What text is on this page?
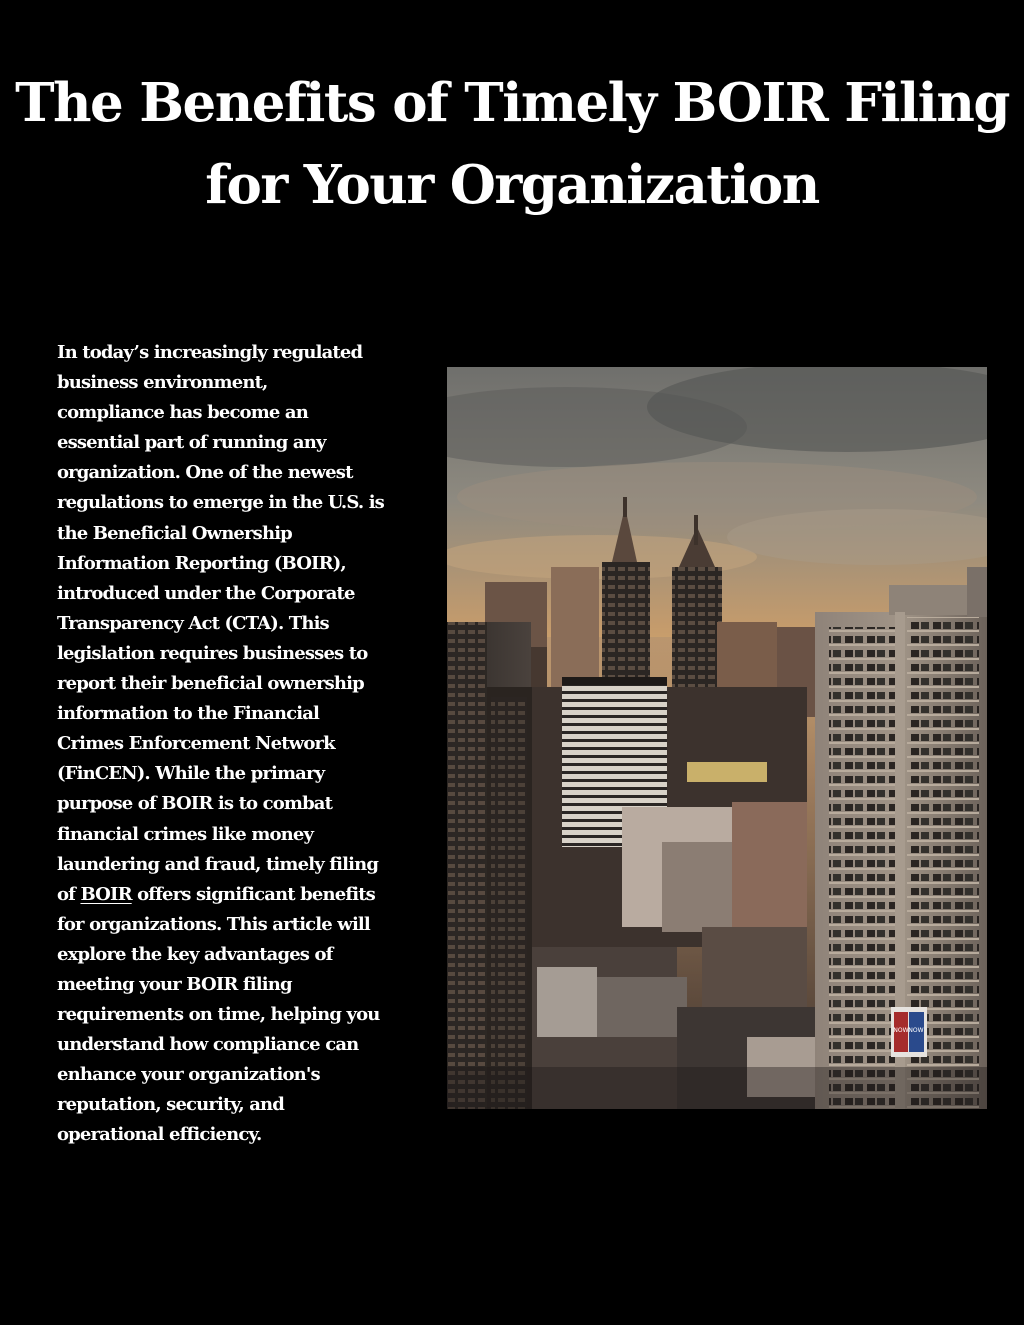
The Benefits of Timely BOIR Filing
for Your Organization

In today’s increasingly regulated
business environment,
compliance has become an
essential part of running any
organization. One of the newest
regulations to emerge in the U.S. is
the Beneficial Ownership
Information Reporting (BOIR),
introduced under the Corporate
Transparency Act (CTA). This
legislation requires businesses to
report their beneficial ownership
information to the Financial
Crimes Enforcement Network
(FinCEN). While the primary
purpose of BOIR is to combat
financial crimes like money
laundering and fraud, timely filing
of BOIR offers significant benefits
for organizations. This article will
explore the key advantages of
meeting your BOIR filing
requirements on time, helping you
understand how compliance can
enhance your organization's
reputation, security, and
operational efficiency.

NOW NOW
